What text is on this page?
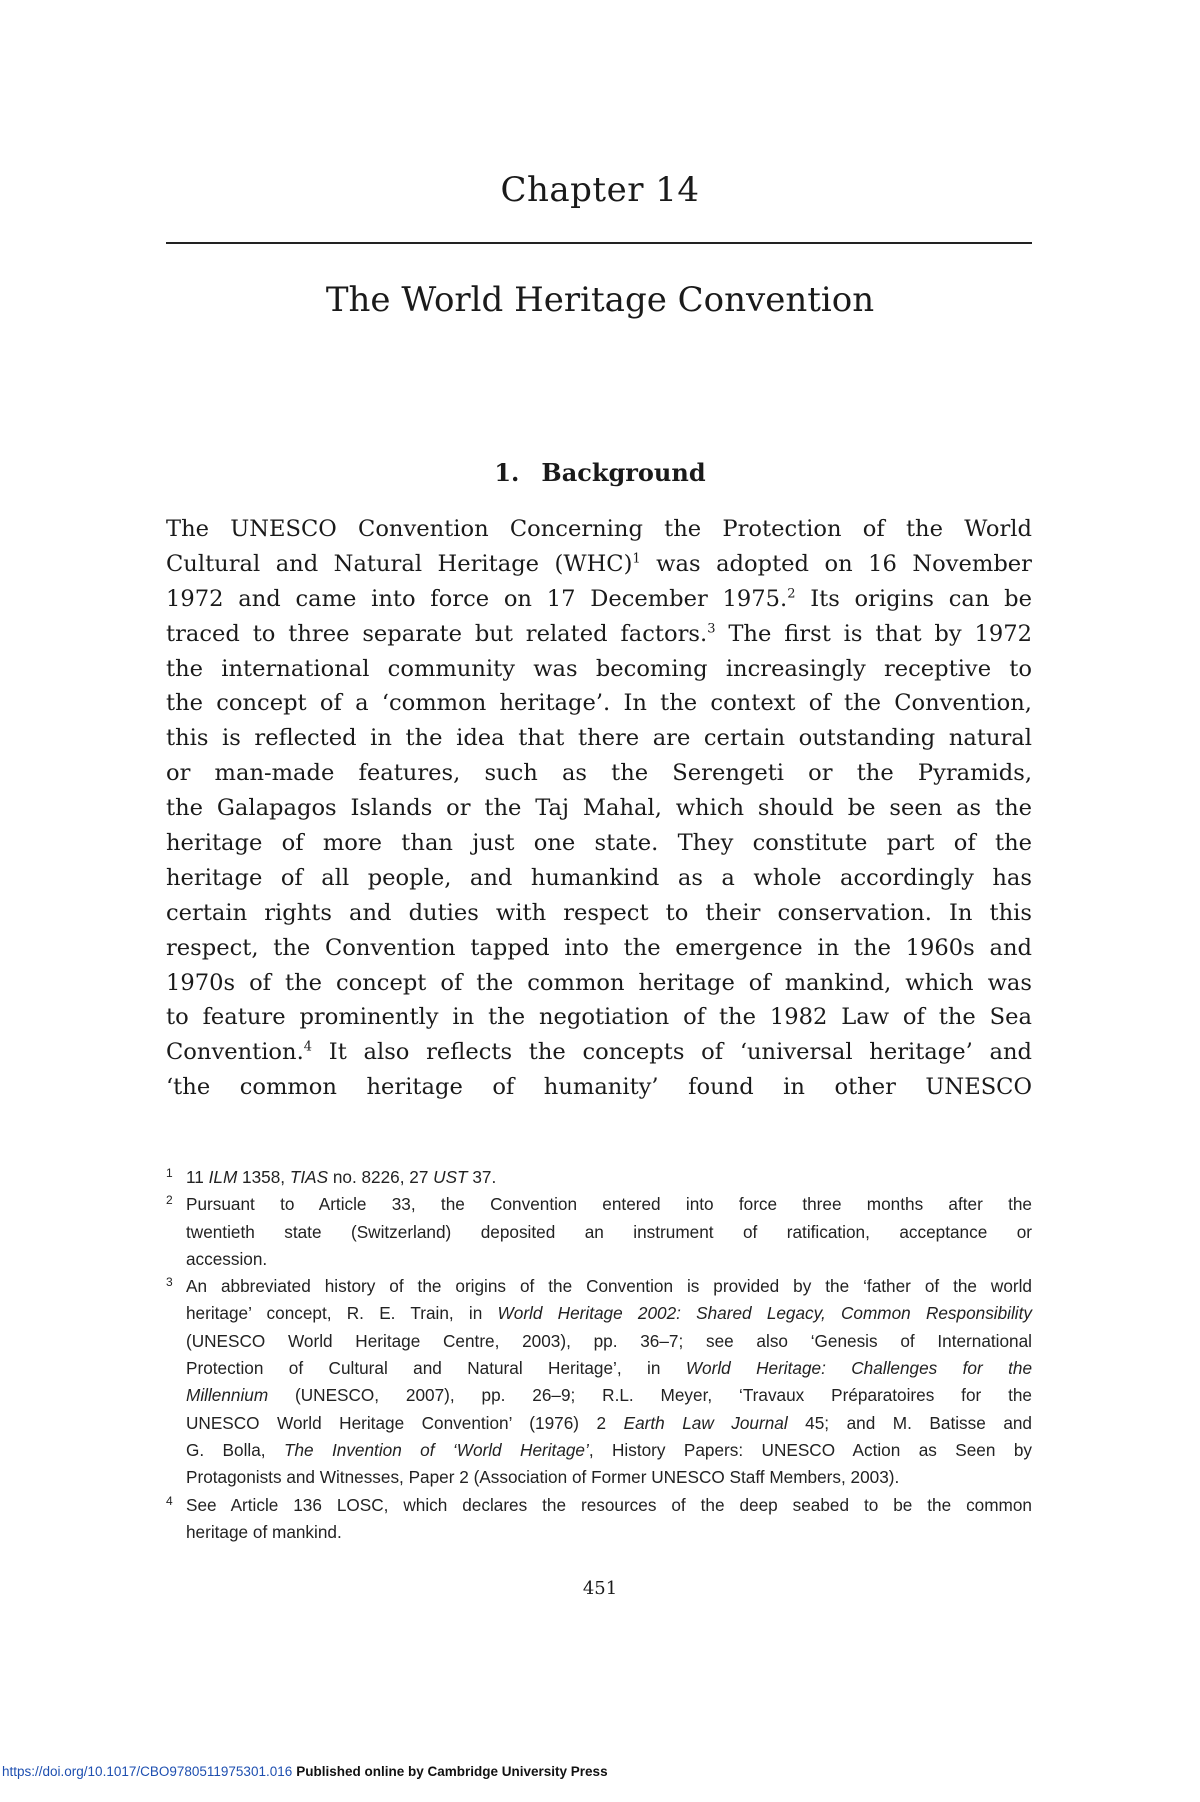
Chapter 14
The World Heritage Convention
1. Background
The UNESCO Convention Concerning the Protection of the World
Cultural and Natural Heritage (WHC)$^1$ was adopted on 16 November
1972 and came into force on 17 December 1975.$^2$ Its origins can be
traced to three separate but related factors.$^3$ The first is that by 1972
the international community was becoming increasingly receptive to
the concept of a ‘common heritage’. In the context of the Convention,
this is reflected in the idea that there are certain outstanding natural
or man-made features, such as the Serengeti or the Pyramids,
the Galapagos Islands or the Taj Mahal, which should be seen as the
heritage of more than just one state. They constitute part of the
heritage of all people, and humankind as a whole accordingly has
certain rights and duties with respect to their conservation. In this
respect, the Convention tapped into the emergence in the 1960s and
1970s of the concept of the common heritage of mankind, which was
to feature prominently in the negotiation of the 1982 Law of the Sea
Convention.$^4$ It also reflects the concepts of ‘universal heritage’ and
‘the common heritage of humanity’ found in other UNESCO
1 11 ILM 1358, TIAS no. 8226, 27 UST 37.
2 Pursuant to Article 33, the Convention entered into force three months after the
twentieth state (Switzerland) deposited an instrument of ratification, acceptance or
accession.
3 An abbreviated history of the origins of the Convention is provided by the ‘father of the world
heritage’ concept, R. E. Train, in World Heritage 2002: Shared Legacy, Common Responsibility
(UNESCO World Heritage Centre, 2003), pp. 36–7; see also ‘Genesis of International
Protection of Cultural and Natural Heritage’, in World Heritage: Challenges for the
Millennium (UNESCO, 2007), pp. 26–9; R.L. Meyer, ‘Travaux Préparatoires for the
UNESCO World Heritage Convention’ (1976) 2 Earth Law Journal 45; and M. Batisse and
G. Bolla, The Invention of ‘World Heritage’, History Papers: UNESCO Action as Seen by
Protagonists and Witnesses, Paper 2 (Association of Former UNESCO Staff Members, 2003).
4 See Article 136 LOSC, which declares the resources of the deep seabed to be the common
heritage of mankind.
451
https://doi.org/10.1017/CBO9780511975301.016 Published online by Cambridge University Press
